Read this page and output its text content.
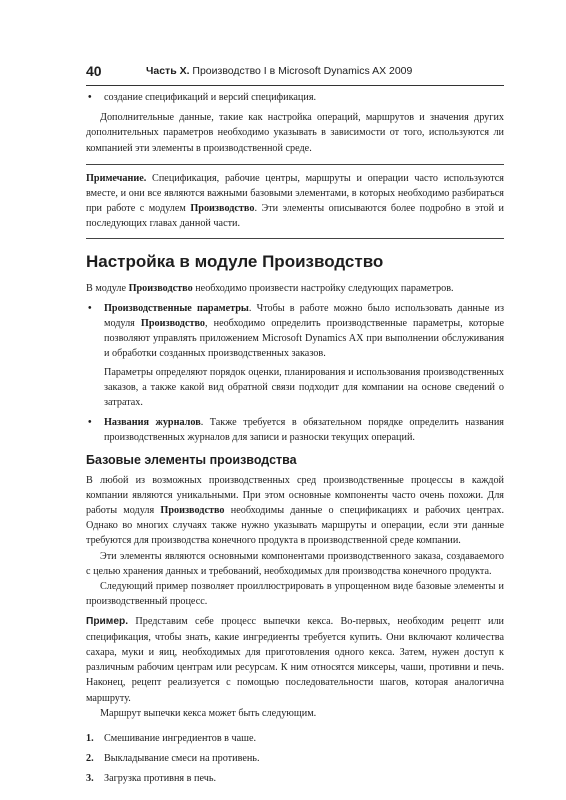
40	Часть X. Производство I в Microsoft Dynamics AX 2009
• создание спецификаций и версий спецификация.

Дополнительные данные, такие как настройка операций, маршрутов и значения других дополнительных параметров необходимо указывать в зависимости от того, используются ли компанией эти элементы в производственной среде.

Примечание. Спецификация, рабочие центры, маршруты и операции часто используются вместе, и они все являются важными базовыми элементами, в которых необходимо разбираться при работе с модулем Производство. Эти элементы описываются более подробно в этой и последующих главах данной части.
Настройка в модуле Производство

В модуле Производство необходимо произвести настройку следующих параметров.

• Производственные параметры. Чтобы в работе можно было использовать данные из модуля Производство, необходимо определить производственные параметры, которые позволяют управлять приложением Microsoft Dynamics AX при выполнении обслуживания и обработки созданных производственных заказов.

Параметры определяют порядок оценки, планирования и использования производственных заказов, а также какой вид обратной связи подходит для компании на основе сведений о затратах.

• Названия журналов. Также требуется в обязательном порядке определить названия производственных журналов для записи и разноски текущих операций.
Базовые элементы производства

В любой из возможных производственных сред производственные процессы в каждой компании являются уникальными. При этом основные компоненты часто очень похожи. Для работы модуля Производство необходимы данные о спецификациях и рабочих центрах. Однако во многих случаях также нужно указывать маршруты и операции, если эти данные требуются для производства конечного продукта в производственной среде компании.

Эти элементы являются основными компонентами производственного заказа, создаваемого с целью хранения данных и требований, необходимых для производства конечного продукта.

Следующий пример позволяет проиллюстрировать в упрощенном виде базовые элементы и производственный процесс.

Пример. Представим себе процесс выпечки кекса. Во-первых, необходим рецепт или спецификация, чтобы знать, какие ингредиенты требуется купить. Они включают количества сахара, муки и яиц, необходимых для приготовления одного кекса. Затем, нужен доступ к различным рабочим центрам или ресурсам. К ним относятся миксеры, чаши, противни и печь. Наконец, рецепт реализуется с помощью последовательности шагов, которая аналогична маршруту.

Маршрут выпечки кекса может быть следующим.

1. Смешивание ингредиентов в чаше.
2. Выкладывание смеси на противень.
3. Загрузка противня в печь.
